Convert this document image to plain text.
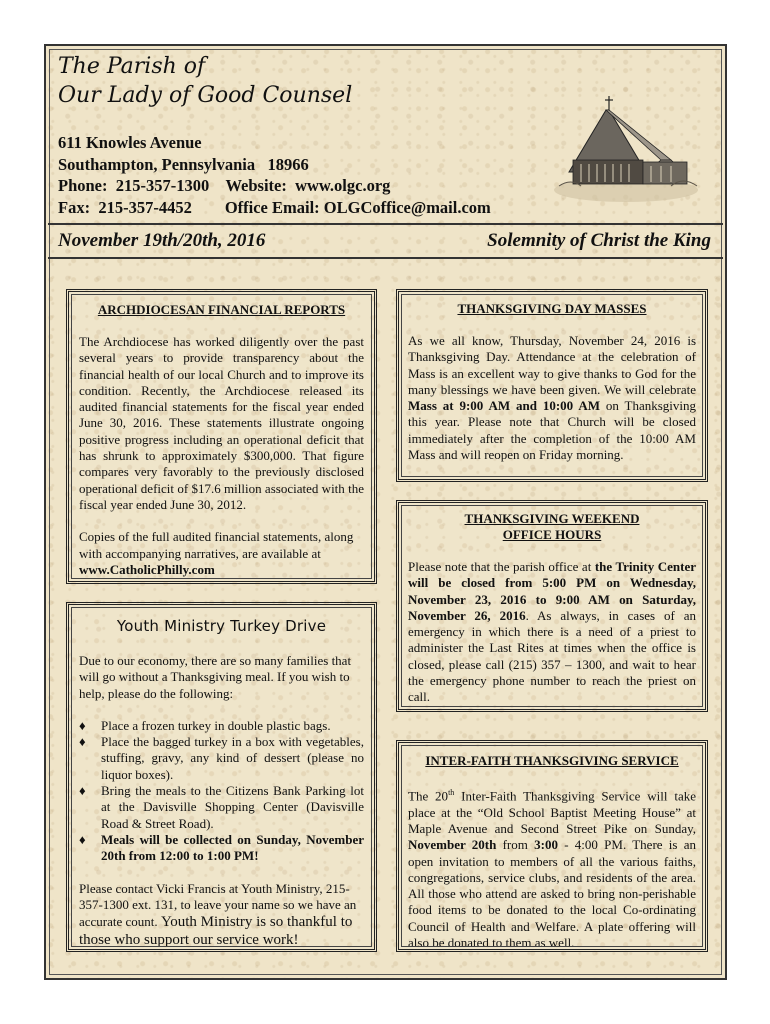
The Parish of
Our Lady of Good Counsel
611 Knowles Avenue
Southampton, Pennsylvania   18966
Phone:  215-357-1300    Website:  www.olgc.org
Fax:  215-357-4452        Office Email: OLGCoffice@mail.com
November 19th/20th, 2016	Solemnity of Christ the King
ARCHDIOCESAN FINANCIAL REPORTS
The Archdiocese has worked diligently over the past several years to provide transparency about the financial health of our local Church and to improve its condition. Recently, the Archdiocese released its audited financial statements for the fiscal year ended June 30, 2016. These statements illustrate ongoing positive progress including an operational deficit that has shrunk to approximately $300,000. That figure compares very favorably to the previously disclosed operational deficit of $17.6 million associated with the fiscal year ended June 30, 2012.
Copies of the full audited financial statements, along with accompanying narratives, are available at www.CatholicPhilly.com
Youth Ministry Turkey Drive
Due to our economy, there are so many families that will go without a Thanksgiving meal. If you wish to help, please do the following:
♦ Place a frozen turkey in double plastic bags.
♦ Place the bagged turkey in a box with vegetables, stuffing, gravy, any kind of dessert (please no liquor boxes).
♦ Bring the meals to the Citizens Bank Parking lot at the Davisville Shopping Center (Davisville Road & Street Road).
♦ Meals will be collected on Sunday, November 20th from 12:00 to 1:00 PM!
Please contact Vicki Francis at Youth Ministry, 215-357-1300 ext. 131, to leave your name so we have an accurate count. Youth Ministry is so thankful to those who support our service work!
THANKSGIVING DAY MASSES
As we all know, Thursday, November 24, 2016 is Thanksgiving Day. Attendance at the celebration of Mass is an excellent way to give thanks to God for the many blessings we have been given. We will celebrate Mass at 9:00 AM and 10:00 AM on Thanksgiving this year. Please note that Church will be closed immediately after the completion of the 10:00 AM Mass and will reopen on Friday morning.
THANKSGIVING WEEKEND
OFFICE HOURS
Please note that the parish office at the Trinity Center will be closed from 5:00 PM on Wednesday, November 23, 2016 to 9:00 AM on Saturday, November 26, 2016. As always, in cases of an emergency in which there is a need of a priest to administer the Last Rites at times when the office is closed, please call (215) 357 – 1300, and wait to hear the emergency phone number to reach the priest on call.
INTER-FAITH THANKSGIVING SERVICE
The 20th Inter-Faith Thanksgiving Service will take place at the “Old School Baptist Meeting House” at Maple Avenue and Second Street Pike on Sunday, November 20th from 3:00 - 4:00 PM. There is an open invitation to members of all the various faiths, congregations, service clubs, and residents of the area. All those who attend are asked to bring non-perishable food items to be donated to the local Co-ordinating Council of Health and Welfare. A plate offering will also be donated to them as well.
